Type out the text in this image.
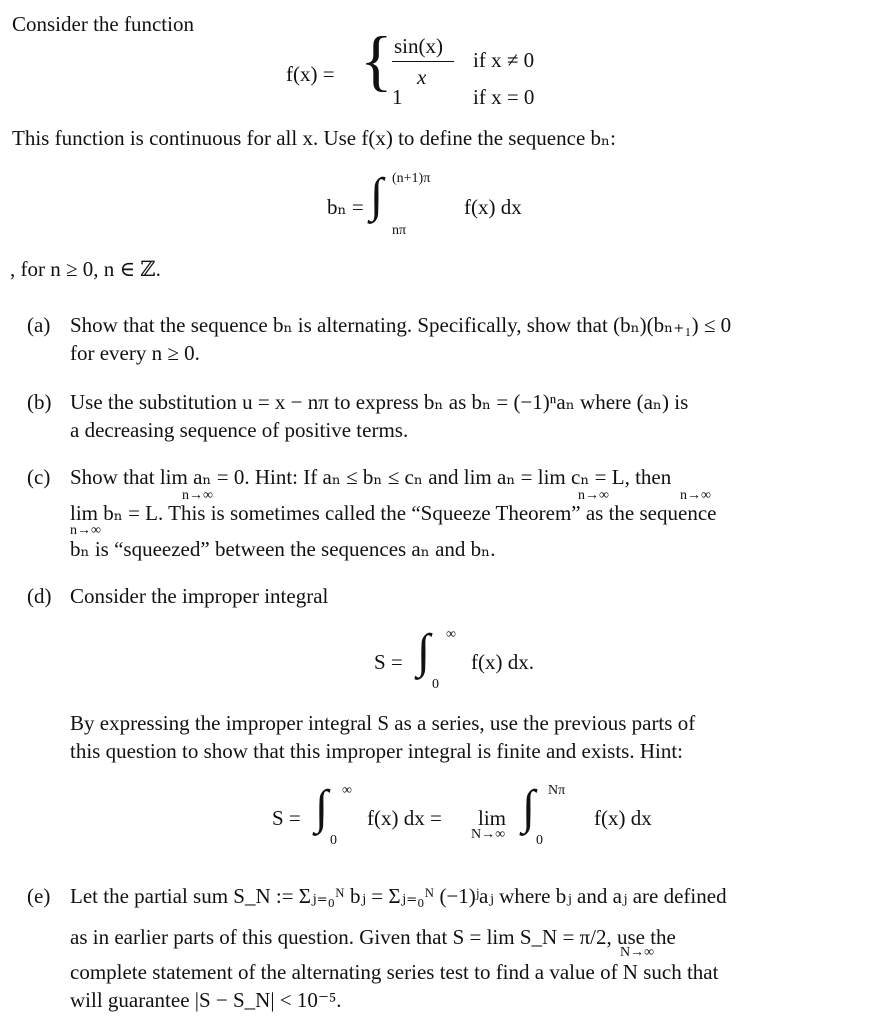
Consider the function
f(x) = { sin(x)
x
if x ≠ 0
1	if x = 0
This function is continuous for all x. Use f(x) to define the sequence bₙ:
bₙ = ∫ (n+1)π
nπ
f(x) dx
, for n ≥ 0, n ∈ ℤ.
(a) Show that the sequence bₙ is alternating. Specifically, show that (bₙ)(bₙ₊₁) ≤ 0
for every n ≥ 0.
(b) Use the substitution u = x − nπ to express bₙ as bₙ = (−1)ⁿaₙ where (aₙ) is
a decreasing sequence of positive terms.
(c) Show that lim aₙ = 0. Hint: If aₙ ≤ bₙ ≤ cₙ and lim aₙ = lim cₙ = L, then
n→∞	n→∞	n→∞
lim bₙ = L. This is sometimes called the “Squeeze Theorem” as the sequence
n→∞
bₙ is “squeezed” between the sequences aₙ and bₙ.
(d) Consider the improper integral
S = ∫ ∞
0
f(x) dx.
By expressing the improper integral S as a series, use the previous parts of
this question to show that this improper integral is finite and exists. Hint:
S = ∫ ∞
0
f(x) dx = lim
N→∞
∫ Nπ
0
f(x) dx
(e) Let the partial sum S_N := Σⱼ₌₀ᴺ bⱼ = Σⱼ₌₀ᴺ (−1)ʲaⱼ where bⱼ and aⱼ are defined
as in earlier parts of this question. Given that S = lim S_N = π/2, use the
N→∞
complete statement of the alternating series test to find a value of N such that
will guarantee |S − S_N| < 10⁻⁵.
